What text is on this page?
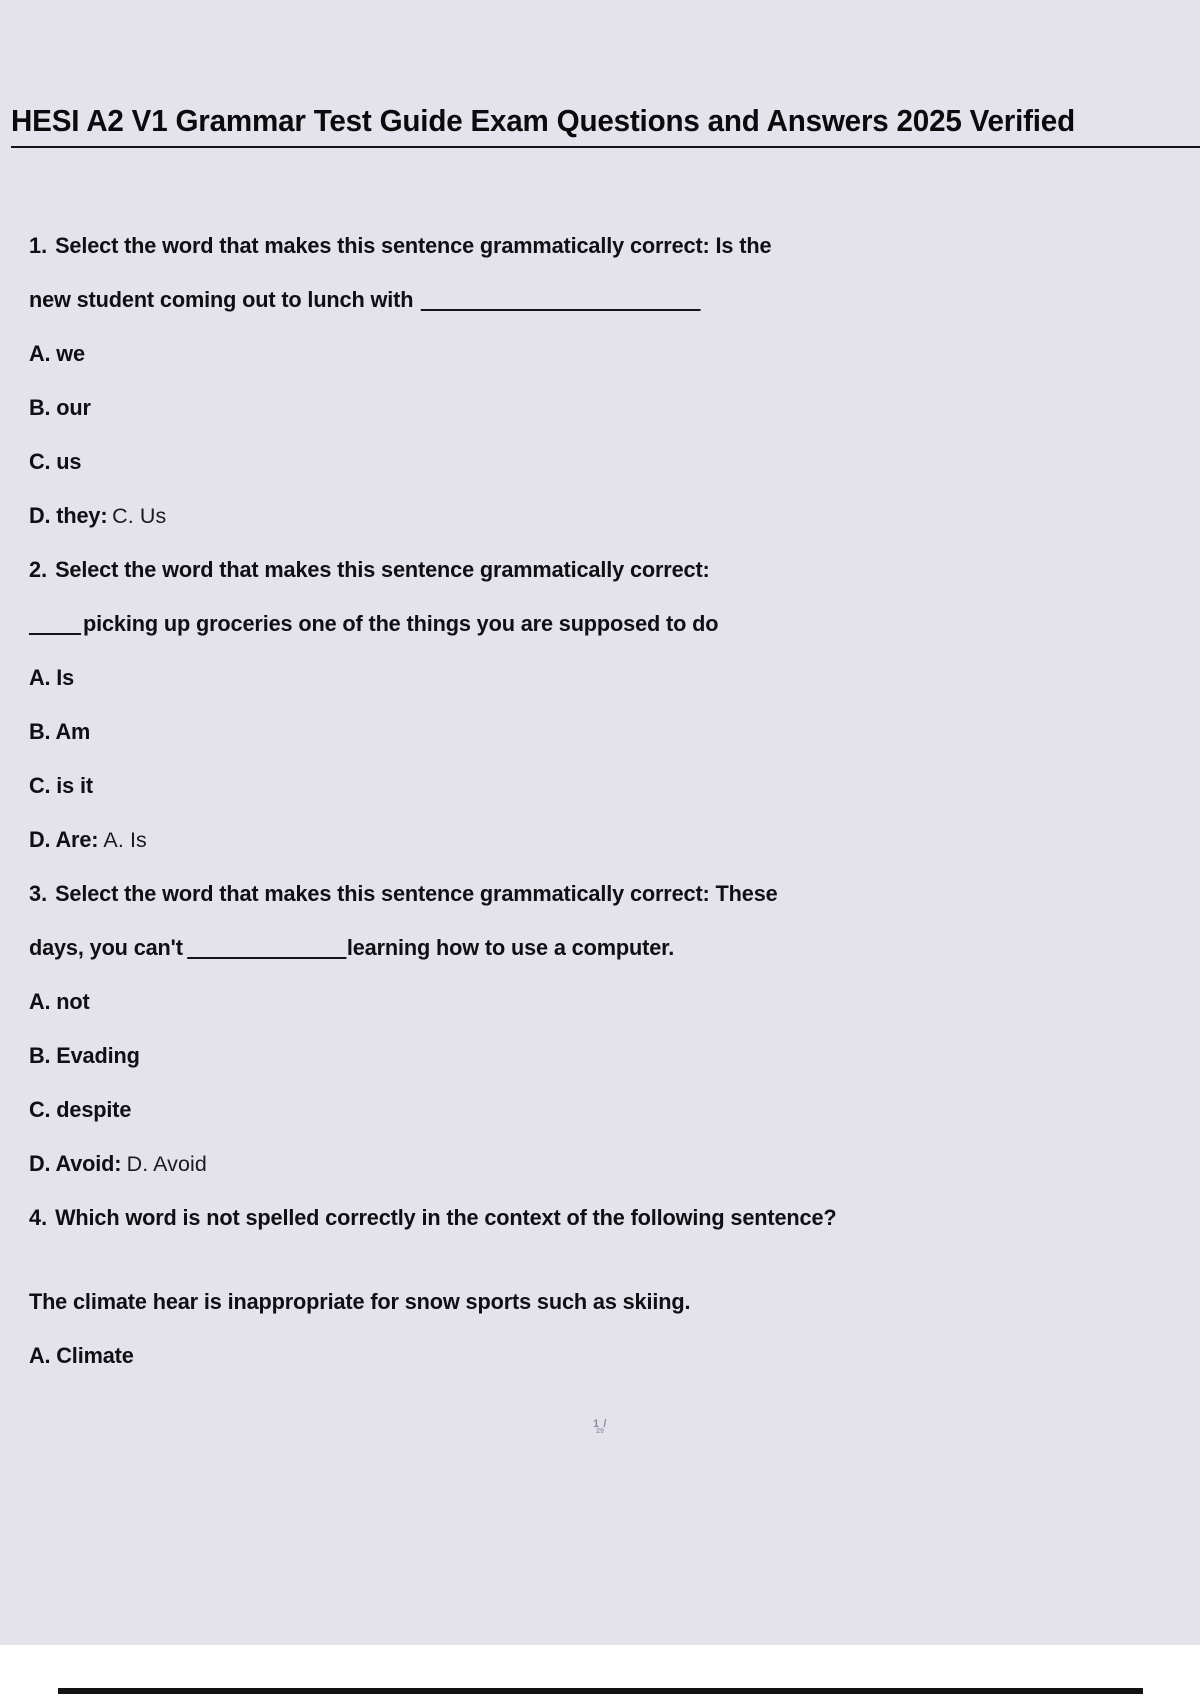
HESI A2 V1 Grammar Test Guide Exam Questions and Answers 2025 Verified
1. Select the word that makes this sentence grammatically correct: Is the
new student coming out to lunch with
A. we
B. our
C. us
D. they: C. Us
2. Select the word that makes this sentence grammatically correct:
picking up groceries one of the things you are supposed to do
A. Is
B. Am
C. is it
D. Are: A. Is
3. Select the word that makes this sentence grammatically correct: These
days, you can't	learning how to use a computer.
A. not
B. Evading
C. despite
D. Avoid: D. Avoid
4. Which word is not spelled correctly in the context of the following sentence?
The climate hear is inappropriate for snow sports such as skiing.
A. Climate
1 /
29
